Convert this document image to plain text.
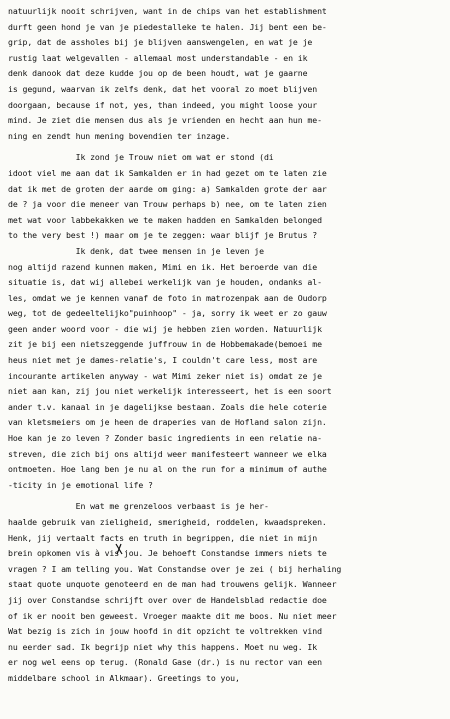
natuurlijk nooit schrijven, want in de chips van het establishment
durft geen hond je van je piedestalleke te halen. Jij bent een be-
grip, dat de assholes bij je blijven aanswengelen, en wat je je
rustig laat welgevallen - allemaal most understandable - en ik
denk danook dat deze kudde jou op de been houdt, wat je gaarne
is gegund, waarvan ik zelfs denk, dat het vooral zo moet blijven
doorgaan, because if not, yes, than indeed, you might loose your
mind. Je ziet die mensen dus als je vrienden en hecht aan hun me-
ning en zendt hun mening bovendien ter inzage.
Ik zond je Trouw niet om wat er stond (di
idoot viel me aan dat ik Samkalden er in had gezet om te laten zie
dat ik met de groten der aarde om ging: a) Samkalden grote der aar
de ? ja voor die meneer van Trouw perhaps b) nee, om te laten zien
met wat voor labbekakken we te maken hadden en Samkalden belonged
to the very best !) maar om je te zeggen: waar blijf je Brutus ?
Ik denk, dat twee mensen in je leven je
nog altijd razend kunnen maken, Mimi en ik. Het beroerde van die
situatie is, dat wij allebei werkelijk van je houden, ondanks al-
les, omdat we je kennen vanaf de foto in matrozenpak aan de Oudorp
weg, tot de gedeeltelijko"puinhoop" - ja, sorry ik weet er zo gauw
geen ander woord voor - die wij je hebben zien worden. Natuurlijk
zit je bij een nietszeggende juffrouw in de Hobbemakade(bemoei me
heus niet met je dames-relatie's, I couldn't care less, most are
incourante artikelen anyway - wat Mimi zeker niet is) omdat ze je
niet aan kan, zij jou niet werkelijk interesseert, het is een soort
ander t.v. kanaal in je dagelijkse bestaan. Zoals die hele coterie
van kletsmeiers om je heen de draperies van de Hofland salon zijn.
Hoe kan je zo leven ? Zonder basic ingredients in een relatie na-
streven, die zich bij ons altijd weer manifesteert wanneer we elka
ontmoeten. Hoe lang ben je nu al on the run for a minimum of authe
-ticity in je emotional life ?
En wat me grenzeloos verbaast is je her-
haalde gebruik van zieligheid, smerigheid, roddelen, kwaadspreken.
Henk, jij vertaalt facts en truth in begrippen, die niet in mijn
brein opkomen vis à vis jou. Je behoeft Constandse immers niets te
vragen ? I am telling you. Wat Constandse over je zei ( bij herhaling
staat quote unquote genoteerd en de man had trouwens gelijk. Wanneer
jij over Constandse schrijft over over de Handelsblad redactie doe
of ik er nooit ben geweest. Vroeger maakte dit me boos. Nu niet meer
Wat bezig is zich in jouw hoofd in dit opzicht te voltrekken vind
nu eerder sad. Ik begrijp niet why this happens. Moet nu weg. Ik
er nog wel eens op terug. (Ronald Gase (dr.) is nu rector van een
middelbare school in Alkmaar). Greetings to you,
